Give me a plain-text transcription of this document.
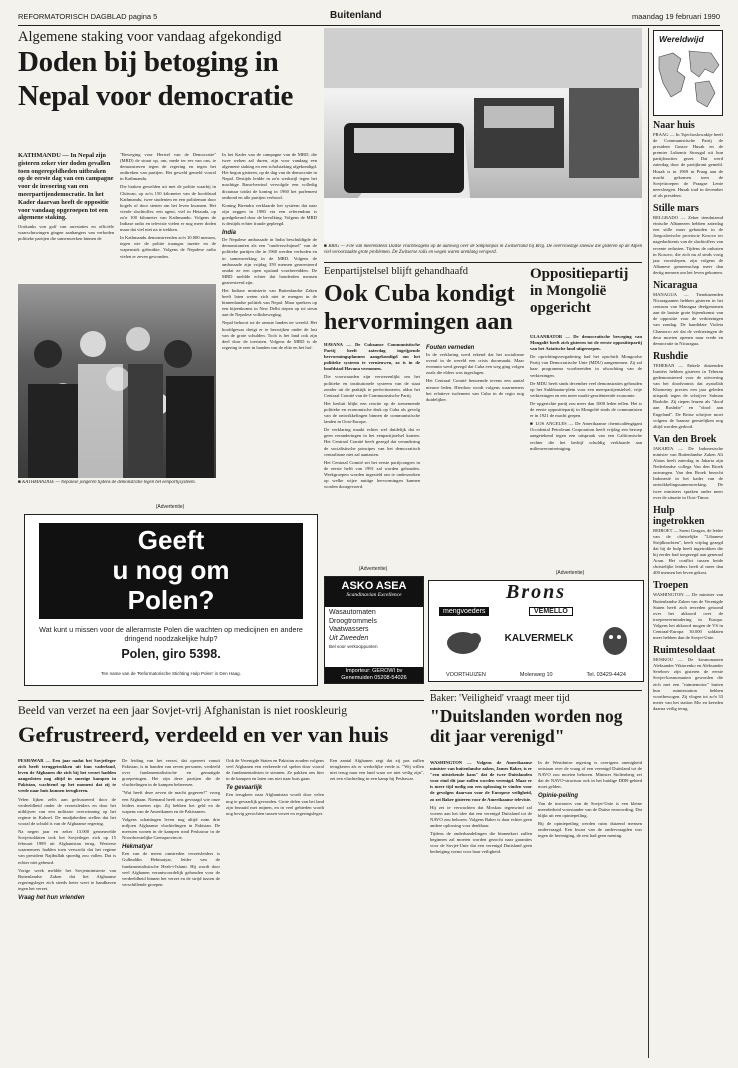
REFORMATORISCH DAGBLAD pagina 5	Buitenland	maandag 19 februari 1990
Algemene staking voor vandaag afgekondigd
Doden bij betoging in Nepal voor democratie

KATHMANDU — In Nepal zijn gisteren zeker vier doden gevallen toen ongeregeldheden uitbraken op de eerste dag van een campagne voor de invoering van een meerpartijendemocratie. In het Kader daarvan heeft de oppositie voor vandaag opgeroepen tot een algemene staking.

Ooskanks von golf van arrestaties en officiële waarschuwingen gingen aanhangers van verboden politieke partijen die samenwerken binnen de

"Beweging voor Herstel van de Democratie" (MRD) de straat op, om, mede ter eer van ons, te demonstreren tegen de regering en tegen het ontbreken van partijen. Het geweld gemeld vooral in Kathmandu.

Die braken gewelden uit met de politie waarbij in Chitwan, op zo'n 150 kilometer van de hoofdstad Kathmandu, twee studenten en een politieman door kogels of door stenen om het leven kwamen. Het vierde slachtoffer, een agent, viel in Hetauda, op zo'n 100 kilometer van Kathmandu. Volgens de Indiase radio en televisie vielen er nog meer doden maar dat viel niet na te trekken.

In Kathmandu demonstreerden zo'n 10.000 mensen, tegen wie de politie traangas inzette en de wapenstok gebruikte. Volgens de Nepalese radio vielen er zeven gewonden.

In het Kader van de campagne van de MRD, die twee weken zal duren, zijn voor vandaag een algemene staking en een scholstaking afgekondigd. Het begon gisteren, op de dag van de democratie in Nepal. Destijds leidde in zo'n werkstijl tegen het machtige Rana-bewind vervolgde een volledig dictatuur totdat de koning in 1960 het parlement ontbond en alle partijen verbood.

Koning Birendra verklaarde het systeem dat naar zijn zeggen in 1980 via een referendum is goedgekeurd door de bevolking. Volgens de MRD is destijds echter fraude gepleegd.

India

De Nepalese ambassade in India beschuldigde de demonstranten als een "randverschijnsel" van de politieke partijen die in 1960 werden verboden en in samenwerking in de MRD. Volgens de ambassade zijn vrijdag 359 mensen gearresteerd omdat ze een open opstand voorbereidden. De MRD meldde echter dat honderden mensen gearresteerd zijn.

Het Indiase ministerie van Buitenlandse Zaken heeft laten weten zich niet te mengen in de binnenlandse politiek van Nepal. Maar sprekers op een bijeenkomst in New Delhi riepen op tot steun aan de Nepalese volksbeweging.

Nepal behoort tot de armste landen ter wereld. Het hoofdgewas dreigt er te bezwijken onder de last van de grote schulden. Toch is het land ook zijn deel door de toeristen. Volgens de MRD is de regering te zeer in handen van de elite en het hof.

■ KATHMANDOE — Nepalese jongeren tijdens de demonstratie tegen het eenpartijsysteem.
■ BRIG — File van meerendeels Duitse vrachtwagens op de autoweg over de Simplonpas in Zwitserland bij Brig. De overvloedige sneeuw die gisteren op de Alpen viel veroorzaakte grote problemen. De Zwitserse rails en wegen waren urenlang versperd.
Eenpartijstelsel blijft gehandhaafd
Ook Cuba kondigt hervormingen aan

HAVANA — De Cubaanse Communistische Partij heeft zaterdag ingrijpende hervormingsplannen aangekondigd om het politieke systeem te vernieuwen, zo is in de hoofdstad Havana vernomen.

Die voorwaarden zijn verwezenlijkt om het politieke en institutionele systeem van de staat zonder uit de praktijk te perfectioneren, aldus het Centraal Comité van de Communistische Partij.

Het besluit blijkt een reactie op de toenemende politieke en economische druk op Cuba als gevolg van de ontwikkelingen binnen de communistische landen in Oost-Europa.

De verklaring maakt echter wel duidelijk dat er geen veranderingen in het eenpartijstelsel komen. Het Centraal Comité heeft gezegd dat verandering de socialistische principes van het democratisch centralisme niet zal aantasten.

Het Centraal Comité zei het eerste partijcongres in de eerste helft van 1991 zal worden gehouden. Werkgroepen worden ingesteld om te onderzoeken op welke wijze nuttige hervormingen kunnen worden doorgevoerd.

Fouten verneden

In de verklaring werd erkend dat het socialisme overal in de wereld een crisis doormaakt. Maar evenmin werd gezegd dat Cuba een weg ging volgen zoals die elders was ingeslagen.

Het Centraal Comité benoemde tevens een aantal nieuwe leden. Hierdoor wordt volgens waarnemers het relatieve isolement van Cuba in de regio nog duidelijker.

Oppositiepartij in Mongolië opgericht

ULAANBATOR — De democratische beweging van Mongolië heeft zich gisteren tot de eerste oppositiepartij van het Aziatische land uitgeroepen.

De oprichtingsvergadering had het opschrift Mongoolse Partij van Democratische Unie (MDU) aangenomen. Zij zal haar programma voorbereiden in afwachting van de verkiezingen.

De MDU heeft sinds december veel demonstraties gehouden op het Sukhbaatar-plein voor een meerpartijenstelsel, vrije verkiezingen en een meer markt-georiënteerde economie.

De opgerichte partij zou meer dan 1000 leden tellen. Het is de eerste oppositiepartij in Mongolië sinds de communisten er in 1921 de macht grepen.

■ LOS ANGELES — De Amerikaanse chemicaliëngigant Occidental Petroleum Corporation heeft vrijdag een beroep aangetekend tegen een uitspraak van een Californische rechter die het bedrijf schuldig verklaarde aan milieuverontreiniging.

Wereldwijd
Naar huis
PRAAG — In Tsjechoslowakije heeft de Communistische Partij de president Gustav Husak en de premier Lubomir Strougal uit hun partijfuncties gezet. Dat werd zaterdag door de partijkrant gemeld. Husak is in 1969 in Praag aan de macht gekomen toen de Sovjettroepen de Praagse Lente neersloegen. Husak trad in december af als president.
Stille mars
BELGRADO — Zeker tienduizend etnische Albanezen hebben zaterdag een stille mars gehouden in de Joegoslavische provincie Kosovo ter nagedachtenis van de slachtoffers van recente onlusten. Tijdens de onlusten in Kosovo, die zich nu al sinds vorig jaar voortslepen, zijn volgens de Albanese gemeenschap meer dan dertig mensen om het leven gekomen.
Nicaragua
MANAGUA — Tienduizenden Nicaraguanen hebben gisteren in het centrum van Managua deelgenomen aan de laatste grote bijeenkomst van de oppositie voor de verkiezingen van zondag. De kandidate Violeta Chamorro zei dat de verkiezingen de deur moeten openen naar vrede en democratie in Nicaragua.
Rushdie
TEHERAN — Enkele duizenden Iraniërs hebben gisteren in Teheran gedemonstreerd voor de uitvoering van het doodvonnis dat ayatollah Khomeiny precies een jaar geleden uitsprak tegen de schrijver Salman Rushdie. Zij riepen leuzen als "dood aan Rushdie" en "dood aan Engeland". De Britse schrijver moet volgens de Iraanse geestelijken nog altijd worden gedood.
Van den Broek
JAKARTA — De Indonesische minister van Buitenlandse Zaken Ali Alatas heeft zaterdag in Jakarta zijn Nederlandse collega Van den Broek ontvangen. Van den Broek bezocht Indonesië in het kader van de ontwikkelingssamenwerking. De twee ministers spraken onder meer over de situatie in Oost-Timor.
Hulp ingetrokken
BEIROET — Soeni Geagea, de leider van de christelijke "Libanese Strijdkrachten", heeft vrijdag gezegd dat hij de hulp heeft ingetrokken die hij eerder had toegezegd aan generaal Aoun. Het conflict tussen beide christelijke leiders heeft al meer dan 400 mensen het leven gekost.
Troepen
WASHINGTON — De minister van Buitenlandse Zaken van de Verenigde Staten heeft zich tevreden getoond over het akkoord over de troepenvermindering in Europa. Volgens het akkoord mogen de VS in Centraal-Europa 30.000 soldaten meer hebben dan de Sovjet-Unie.
Ruimtesoldaat
MOSKOU — De kosmonauten Aleksander Viktorenko en Aleksander Serebrov zijn gisteren de eerste Sovjet-kosmonauten geworden die zich met een "ruimtemotor" buiten hun ruimtestation hebben voortbewogen. Zij vlogen tot zo'n 33 meter van het station Mir en keerden daarna veilig terug.
(Advertentie)
Geeft
u nog om
Polen?
Wat kunt u missen voor de allerarmste Polen die wachten op medicijnen en andere dringend noodzakelijke hulp?
Polen, giro 5398.
Ten name van de 'Reformatorische Stichting Hulp Polen' in Den Haag.
(Advertentie)
ASKO ASEA
Scandinavian Excellence
Wasautomaten
Droogtrommels
Vaatwassers
Uit Zweeden
Bel voor verkooppunten
Importeur: GEROWI bv
Genemuiden 05208-54026
(Advertentie)
Brons
mengvoeders	VEMELLO
KALVERMELK
VOORTHUIZEN	Molenweg 10	Tel. 03429-4424
Beeld van verzet na een jaar Sovjet-vrij Afghanistan is niet rooskleurig
Gefrustreerd, verdeeld en ver van huis

PESHAWAR — Een jaar nadat het Sovjetleger zich heeft teruggetrokken uit hun vaderland, leven de Afghanen die zich bij het verzet hadden aangesloten nog altijd in smerige kampen in Pakistan, wachtend op het moment dat zij te vrede naar huis kunnen terugkeren.

Velen lijken zelfs aan gefrustreerd door de verdeeldheid onder de verzetsleiders en door het uitblijven van een militaire overwinning op het regime in Kaboel. De mudjahedien stellen dat het vooral de schuld is van de Afghaanse regering.

Na negen jaar en zeker 13.000 gesneuvelde Sovjetsoldaten trok het Sovjetleger zich op 15 februari 1989 uit Afghanistan terug. Westerse waarnemers hadden toen verwacht dat het regime van president Najibullah spoedig zou vallen. Dat is echter niet gebeurd.

Vorige week meldde het Sovjetministerie van Buitenlandse Zaken dat het Afghaanse regeringsleger zich steeds beter weet te handhaven tegen het verzet.

Vraag het hun vrienden

De leiding van het verzet, dat opereert vanuit Pakistan, is in handen van zeven personen, verdeeld over fundamentalistische en gematigde groeperingen. Het zijn deze partijen die de vluchtelingen in de kampen beheersen.

"Wat heeft deze zeven de macht gegeven?" vroeg een Afghaan. Niemand heeft ons gevraagd wie onze leiders moeten zijn. Zij hebben het geld en de wapens van de Amerikanen en de Pakistanen.

Volgens schattingen leven nog altijd ruim drie miljoen Afghaanse vluchtelingen in Pakistan. De meesten wonen in de kampen rond Peshawar in de Noordwestelijke Grensprovincie.

Hekmatyar

Een van de meest omstreden verzetsleiders is Gulbuddin Hekmatyar, leider van de fundamentalistische Hezb-i-Islami. Hij wordt door veel Afghanen verantwoordelijk gehouden voor de verdeeldheid binnen het verzet en de strijd tussen de verschillende groepen.

Ook de Verenigde Staten en Pakistan zouden volgens veel Afghanen een verkeerde rol spelen door vooral de fundamentalisten te steunen. Ze pakken ons hier in de kampen en laten ons niet naar huis gaan.

Te gevaarlijk

Een terugkeer naar Afghanistan wordt door velen nog te gevaarlijk gevonden. Grote delen van het land zijn bezaaid met mijnen, en in veel gebieden wordt nog hevig gevochten tussen verzet en regeringsleger.

Een aantal Afghanen zegt dat zij pas zullen terugkeren als er werkelijke vrede is. "Wij willen niet terug naar een land waar we niet veilig zijn", zei een vluchteling in een kamp bij Peshawar.

Baker: 'Veiligheid' vraagt meer tijd
"Duitslanden worden nog dit jaar verenigd"

WASHINGTON — Volgens de Amerikaanse minister van buitenlandse zaken, James Baker, is er "een uitstekende kans" dat de twee Duitslanden voor eind dit jaar zullen worden verenigd. Maar er is meer tijd nodig om een oplossing te vinden voor de gevolgen daarvan voor de Europese veiligheid, zo zei Baker gisteren voor de Amerikaanse televisie.

Hij zei te verwachten dat Moskou tegenwind zal voeren aan het idee dat een verenigd Duitsland tot de NAVO zou behoren. Volgens Baker is daar echter geen andere oplossing voor denkbaar.

Tijdens de onderhandelingen die binnenkort zullen beginnen zal moeten worden gezocht naar garanties voor de Sovjet-Unie dat een verenigd Duitsland geen bedreiging vormt voor haar veiligheid.

In de Westduitse regering is overigens onenigheid ontstaan over de vraag of een verenigd Duitsland tot de NAVO zou moeten behoren. Minister Stoltenberg zei dat de NAVO-structuur ook in het huidige DDR-gebied moet gelden.

Opinie-peiling

Van de inwoners van de Sovjet-Unie is een kleine meerderheid voorstander van de Duitse eenwording. Dat blijkt uit een opiniepeiling.

Bij de opiniepeiling werden ruim duizend mensen ondervraagd. Een kwart van de ondervraagden was tegen de hereniging, de rest had geen mening.
